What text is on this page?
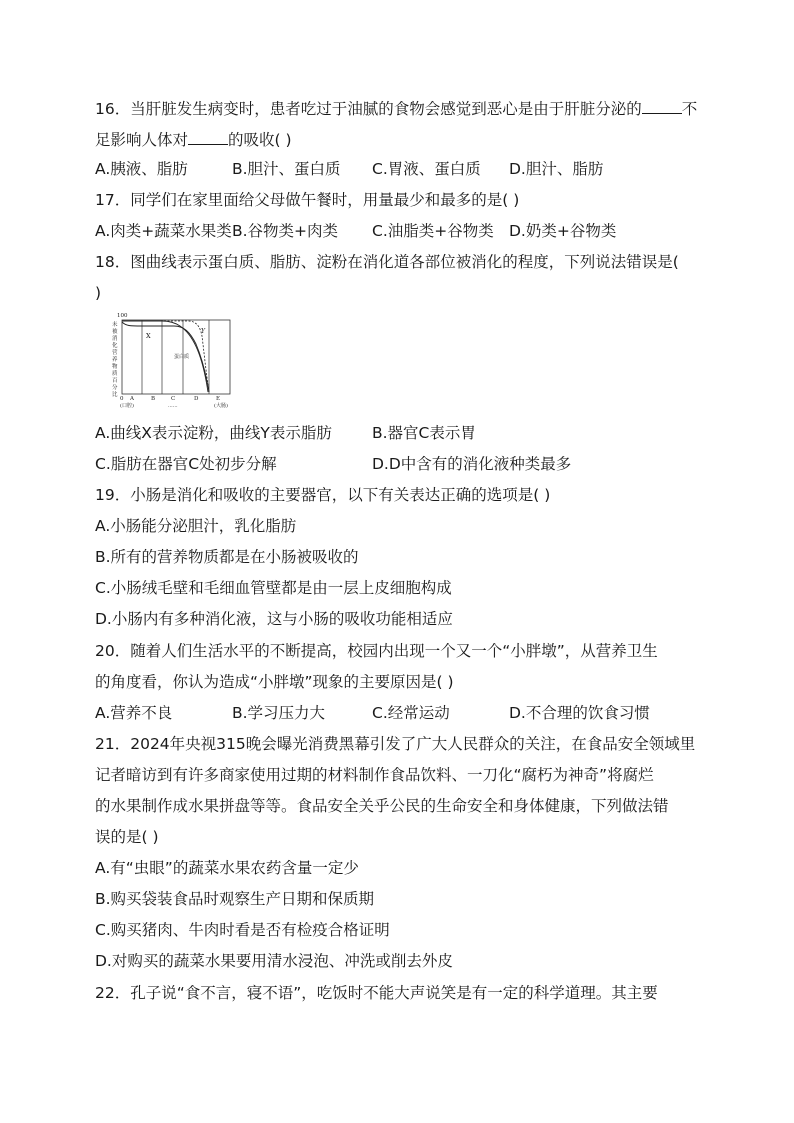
16．当肝脏发生病变时，患者吃过于油腻的食物会感觉到恶心是由于肝脏分泌的	不
足影响人体对	的吸收( )
A.胰液、脂肪	B.胆汁、蛋白质 C.胃液、蛋白质 D.胆汁、脂肪
17．同学们在家里面给父母做午餐时，用量最少和最多的是( )
A.肉类+蔬菜水果类 B.谷物类+肉类 C.油脂类+谷物类 D.奶类+谷物类
18．图曲线表示蛋白质、脂肪、淀粉在消化道各部位被消化的程度，下列说法错误是(
)
100
未
被
消
化
营
养
物
质
百
分
比
X
Y
蛋白质
0 A	B	C	D	E
(口腔)	......	(大肠)
A.曲线X表示淀粉，曲线Y表示脂肪	B.器官C表示胃
C.脂肪在器官C处初步分解	D.D中含有的消化液种类最多
19．小肠是消化和吸收的主要器官，以下有关表达正确的选项是( )
A.小肠能分泌胆汁，乳化脂肪
B.所有的营养物质都是在小肠被吸收的
C.小肠绒毛壁和毛细血管壁都是由一层上皮细胞构成
D.小肠内有多种消化液，这与小肠的吸收功能相适应
20．随着人们生活水平的不断提高，校园内出现一个又一个“小胖墩”，从营养卫生
的角度看，你认为造成“小胖墩”现象的主要原因是( )
A.营养不良	B.学习压力大	C.经常运动	D.不合理的饮食习惯
21．2024年央视315晚会曝光消费黑幕引发了广大人民群众的关注，在食品安全领域里
记者暗访到有许多商家使用过期的材料制作食品饮料、一刀化“腐朽为神奇”将腐烂
的水果制作成水果拼盘等等。食品安全关乎公民的生命安全和身体健康，下列做法错
误的是( )
A.有“虫眼”的蔬菜水果农药含量一定少
B.购买袋装食品时观察生产日期和保质期
C.购买猪肉、牛肉时看是否有检疫合格证明
D.对购买的蔬菜水果要用清水浸泡、冲洗或削去外皮
22．孔子说“食不言，寝不语”，吃饭时不能大声说笑是有一定的科学道理。其主要
